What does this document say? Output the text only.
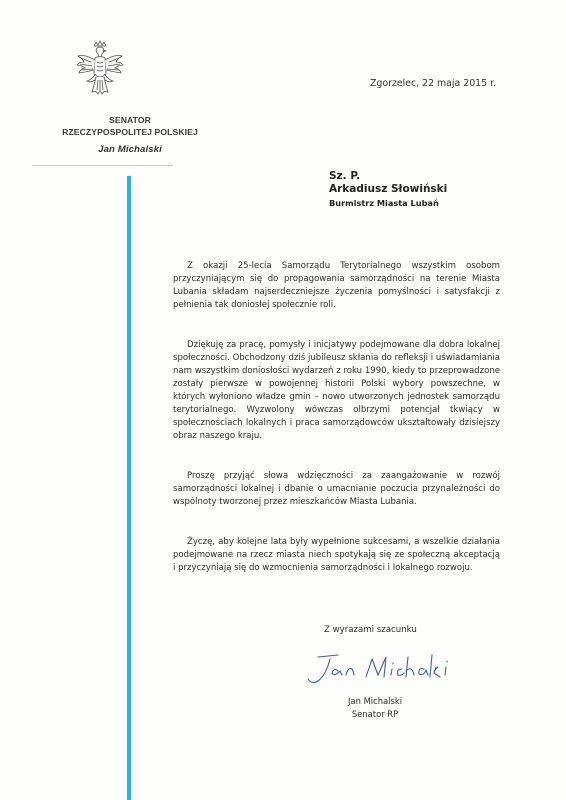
SENATOR
RZECZYPOSPOLITEJ POLSKIEJ
Jan Michalski
Zgorzelec, 22 maja 2015 r.
Sz. P.
Arkadiusz Słowiński
Burmistrz Miasta Lubań

Z okazji 25-lecia Samorządu Terytorialnego wszystkim osobom przyczyniającym się do propagowania samorządności na terenie Miasta Lubania składam najserdeczniejsze życzenia pomyślności i satysfakcji z pełnienia tak doniosłej społecznie roli.

Dziękuję za pracę, pomysły i inicjatywy podejmowane dla dobra lokalnej społeczności. Obchodzony dziś jubileusz skłania do refleksji i uświadamiania nam wszystkim doniosłości wydarzeń z roku 1990, kiedy to przeprowadzone zostały pierwsze w powojennej historii Polski wybory powszechne, w których wyłoniono władze gmin – nowo utworzonych jednostek samorządu terytorialnego. Wyzwolony wówczas olbrzymi potencjał tkwiący w społecznościach lokalnych i praca samorządowców ukształtowały dzisiejszy obraz naszego kraju.

Proszę przyjąć słowa wdzięczności za zaangażowanie w rozwój samorządności lokalnej i dbanie o umacnianie poczucia przynależności do wspólnoty tworzonej przez mieszkańców Miasta Lubania.

Życzę, aby kolejne lata były wypełnione sukcesami, a wszelkie działania podejmowane na rzecz miasta niech spotykają się ze społeczną akceptacją i przyczyniają się do wzmocnienia samorządności i lokalnego rozwoju.

Z wyrazami szacunku
Jan Michalski
Senator RP
